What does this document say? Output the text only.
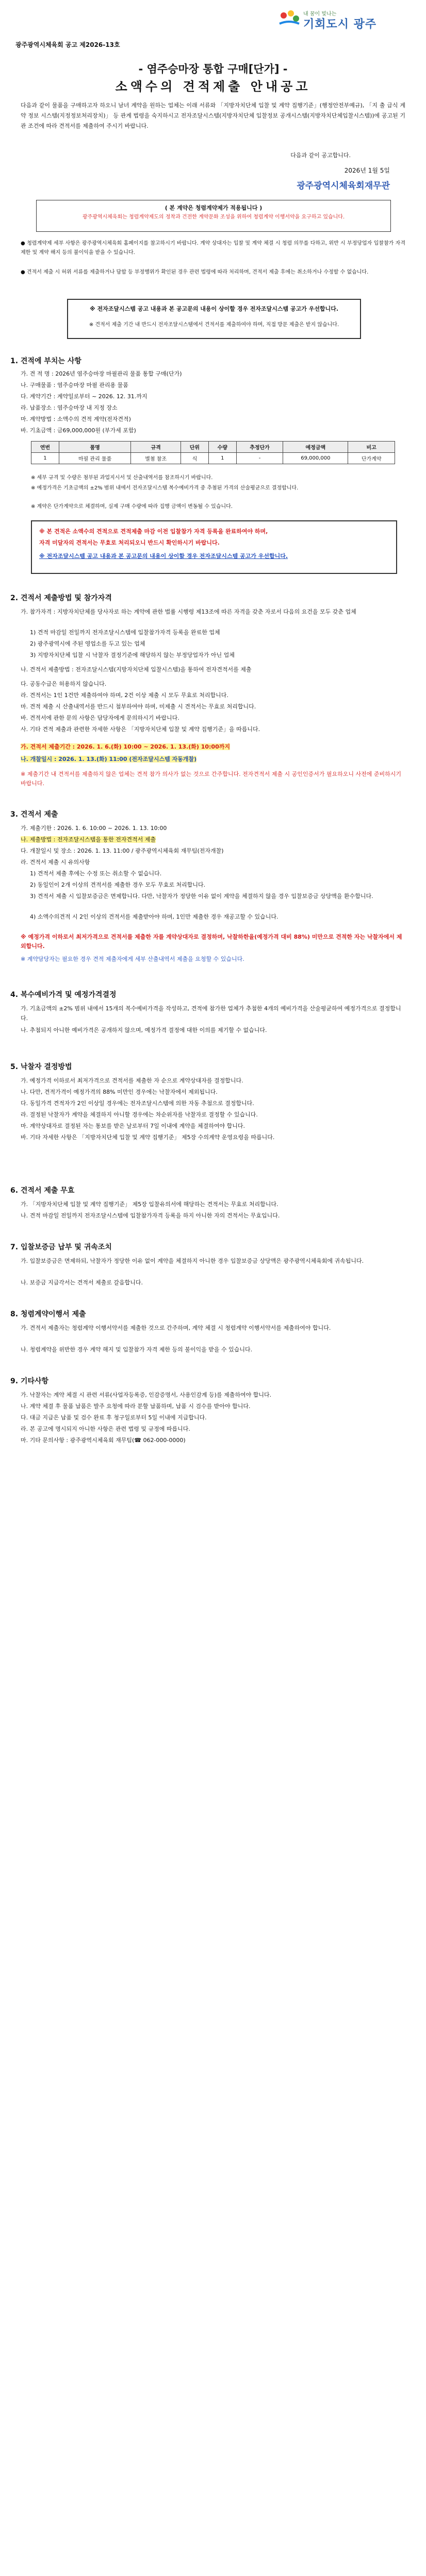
내 꿈이 빛나는
기회도시 광주
광주광역시체육회 공고 제2026-13호
- 염주승마장 통합 구매[단가] -
소액수의 견적제출 안내공고
다음과 같이 물품을 구매하고자 하오니 남녀 계약을 원하는 업체는 이래 서류와 「지방자치단체 입찰 및 계약 집행기준」(행정안전부예규), 「지 출 급식 계약 정보 시스템(지정정보처리장치)」 등 관계 법령을 숙지하시고 전자조달시스템(지방자치단체 입찰정보 공개시스템(지방자치단체입찰시스템))에 공고된 기관 조건에 따라 견적서를 제출하여 주시기 바랍니다.
다음과 같이 공고합니다.
2026년 1월 5일
광주광역시체육회재무관
( 본 계약은 청렴계약제가 적용됩니다 )
광주광역시체육회는 청렴계약제도의 정착과 건전한 계약문화 조성을 위하여 청렴계약 이행서약을 요구하고 있습니다.
● 청렴계약제 세부 사항은 광주광역시체육회 홈페이지를 참고하시기 바랍니다. 계약 상대자는 입찰 및 계약 체결 시 청렴 의무를 다하고, 위반 시 부정당업자 입찰참가 자격 제한 및 계약 해지 등의 불이익을 받을 수 있습니다.
● 견적서 제출 시 허위 서류를 제출하거나 담합 등 부정행위가 확인된 경우 관련 법령에 따라 처리하며, 견적서 제출 후에는 취소하거나 수정할 수 없습니다.
※ 전자조달시스템 공고 내용과 본 공고문의 내용이 상이할 경우 전자조달시스템 공고가 우선합니다.
※ 견적서 제출 기간 내 반드시 전자조달시스템에서 견적서를 제출하여야 하며, 직접 방문 제출은 받지 않습니다.
1. 견적에 부치는 사항
가. 견 적 명 : 2026년 염주승마장 마필관리 물품 통합 구매(단가)
나. 구매물품 : 염주승마장 마필 관리용 물품
다. 계약기간 : 계약일로부터 ~ 2026. 12. 31.까지
라. 납품장소 : 염주승마장 내 지정 장소
마. 계약방법 : 소액수의 견적 계약(전자견적)
바. 기초금액 : 금69,000,000원 (부가세 포함)
연번	품명	규격	단위	수량	추정단가	예정금액	비고
1	마필 관리 물품	별첨 참조	식	1	-	69,000,000	단가계약
※ 세부 규격 및 수량은 첨부된 과업지시서 및 산출내역서를 참조하시기 바랍니다.
※ 예정가격은 기초금액의 ±2% 범위 내에서 전자조달시스템 복수예비가격 중 추첨된 가격의 산술평균으로 결정합니다.
※ 계약은 단가계약으로 체결하며, 실제 구매 수량에 따라 집행 금액이 변동될 수 있습니다.
※ 본 견적은 소액수의 견적으로 견적제출 마감 이전 입찰참가 자격 등록을 완료하여야 하며,
자격 미달자의 견적서는 무효로 처리되오니 반드시 확인하시기 바랍니다.
※ 전자조달시스템 공고 내용과 본 공고문의 내용이 상이할 경우 전자조달시스템 공고가 우선합니다.
2. 견적서 제출방법 및 참가자격
가. 참가자격 : 지방자치단체를 당사자로 하는 계약에 관한 법률 시행령 제13조에 따른 자격을 갖춘 자로서 다음의 요건을 모두 갖춘 업체
1) 견적 마감일 전일까지 전자조달시스템에 입찰참가자격 등록을 완료한 업체
2) 광주광역시에 주된 영업소를 두고 있는 업체
3) 지방자치단체 입찰 시 낙찰자 결정기준에 해당하지 않는 부정당업자가 아닌 업체
나. 견적서 제출방법 : 전자조달시스템(지방자치단체 입찰시스템)을 통하여 전자견적서를 제출
다. 공동수급은 허용하지 않습니다.
라. 견적서는 1인 1건만 제출하여야 하며, 2건 이상 제출 시 모두 무효로 처리합니다.
마. 견적 제출 시 산출내역서를 반드시 첨부하여야 하며, 미제출 시 견적서는 무효로 처리합니다.
바. 견적서에 관한 문의 사항은 담당자에게 문의하시기 바랍니다.
사. 기타 견적 제출과 관련한 자세한 사항은 「지방자치단체 입찰 및 계약 집행기준」을 따릅니다.
가. 견적서 제출기간 : 2026. 1. 6.(화) 10:00 ~ 2026. 1. 13.(화) 10:00까지
나. 개찰일시 : 2026. 1. 13.(화) 11:00 (전자조달시스템 자동개찰)
※ 제출기간 내 견적서를 제출하지 않은 업체는 견적 참가 의사가 없는 것으로 간주합니다. 전자견적서 제출 시 공인인증서가 필요하오니 사전에 준비하시기 바랍니다.
3. 견적서 제출
가. 제출기한 : 2026. 1. 6. 10:00 ~ 2026. 1. 13. 10:00
나. 제출방법 : 전자조달시스템을 통한 전자견적서 제출
다. 개찰일시 및 장소 : 2026. 1. 13. 11:00 / 광주광역시체육회 재무팀(전자개찰)
라. 견적서 제출 시 유의사항
1) 견적서 제출 후에는 수정 또는 취소할 수 없습니다.
2) 동일인이 2개 이상의 견적서를 제출한 경우 모두 무효로 처리합니다.
3) 견적서 제출 시 입찰보증금은 면제합니다. 다만, 낙찰자가 정당한 이유 없이 계약을 체결하지 않을 경우 입찰보증금 상당액을 환수합니다.
4) 소액수의견적 시 2인 이상의 견적서를 제출받아야 하며, 1인만 제출한 경우 재공고할 수 있습니다.
※ 예정가격 이하로서 최저가격으로 견적서를 제출한 자를 계약상대자로 결정하며, 낙찰하한율(예정가격 대비 88%) 미만으로 견적한 자는 낙찰자에서 제외합니다.
※ 계약담당자는 필요한 경우 견적 제출자에게 세부 산출내역서 제출을 요청할 수 있습니다.
4. 복수예비가격 및 예정가격결정
가. 기초금액의 ±2% 범위 내에서 15개의 복수예비가격을 작성하고, 견적에 참가한 업체가 추첨한 4개의 예비가격을 산술평균하여 예정가격으로 결정합니다.
나. 추첨되지 아니한 예비가격은 공개하지 않으며, 예정가격 결정에 대한 이의를 제기할 수 없습니다.
5. 낙찰자 결정방법
가. 예정가격 이하로서 최저가격으로 견적서를 제출한 자 순으로 계약상대자를 결정합니다.
나. 다만, 견적가격이 예정가격의 88% 미만인 경우에는 낙찰자에서 제외됩니다.
다. 동일가격 견적자가 2인 이상일 경우에는 전자조달시스템에 의한 자동 추첨으로 결정합니다.
라. 결정된 낙찰자가 계약을 체결하지 아니할 경우에는 차순위자를 낙찰자로 결정할 수 있습니다.
마. 계약상대자로 결정된 자는 통보를 받은 날로부터 7일 이내에 계약을 체결하여야 합니다.
바. 기타 자세한 사항은 「지방자치단체 입찰 및 계약 집행기준」 제5장 수의계약 운영요령을 따릅니다.
6. 견적서 제출 무효
가. 「지방자치단체 입찰 및 계약 집행기준」 제5장 입찰유의서에 해당하는 견적서는 무효로 처리합니다.
나. 견적 마감일 전일까지 전자조달시스템에 입찰참가자격 등록을 하지 아니한 자의 견적서는 무효입니다.
7. 입찰보증금 납부 및 귀속조치
가. 입찰보증금은 면제하되, 낙찰자가 정당한 이유 없이 계약을 체결하지 아니한 경우 입찰보증금 상당액은 광주광역시체육회에 귀속됩니다.
나. 보증금 지급각서는 견적서 제출로 갈음합니다.
8. 청렴계약이행서 제출
가. 견적서 제출자는 청렴계약 이행서약서를 제출한 것으로 간주하며, 계약 체결 시 청렴계약 이행서약서를 제출하여야 합니다.
나. 청렴계약을 위반한 경우 계약 해지 및 입찰참가 자격 제한 등의 불이익을 받을 수 있습니다.
9. 기타사항
가. 낙찰자는 계약 체결 시 관련 서류(사업자등록증, 인감증명서, 사용인감계 등)를 제출하여야 합니다.
나. 계약 체결 후 물품 납품은 발주 요청에 따라 분할 납품하며, 납품 시 검수를 받아야 합니다.
다. 대금 지급은 납품 및 검수 완료 후 청구일로부터 5일 이내에 지급합니다.
라. 본 공고에 명시되지 아니한 사항은 관련 법령 및 규정에 따릅니다.
마. 기타 문의사항 : 광주광역시체육회 재무팀(☎ 062-000-0000)
